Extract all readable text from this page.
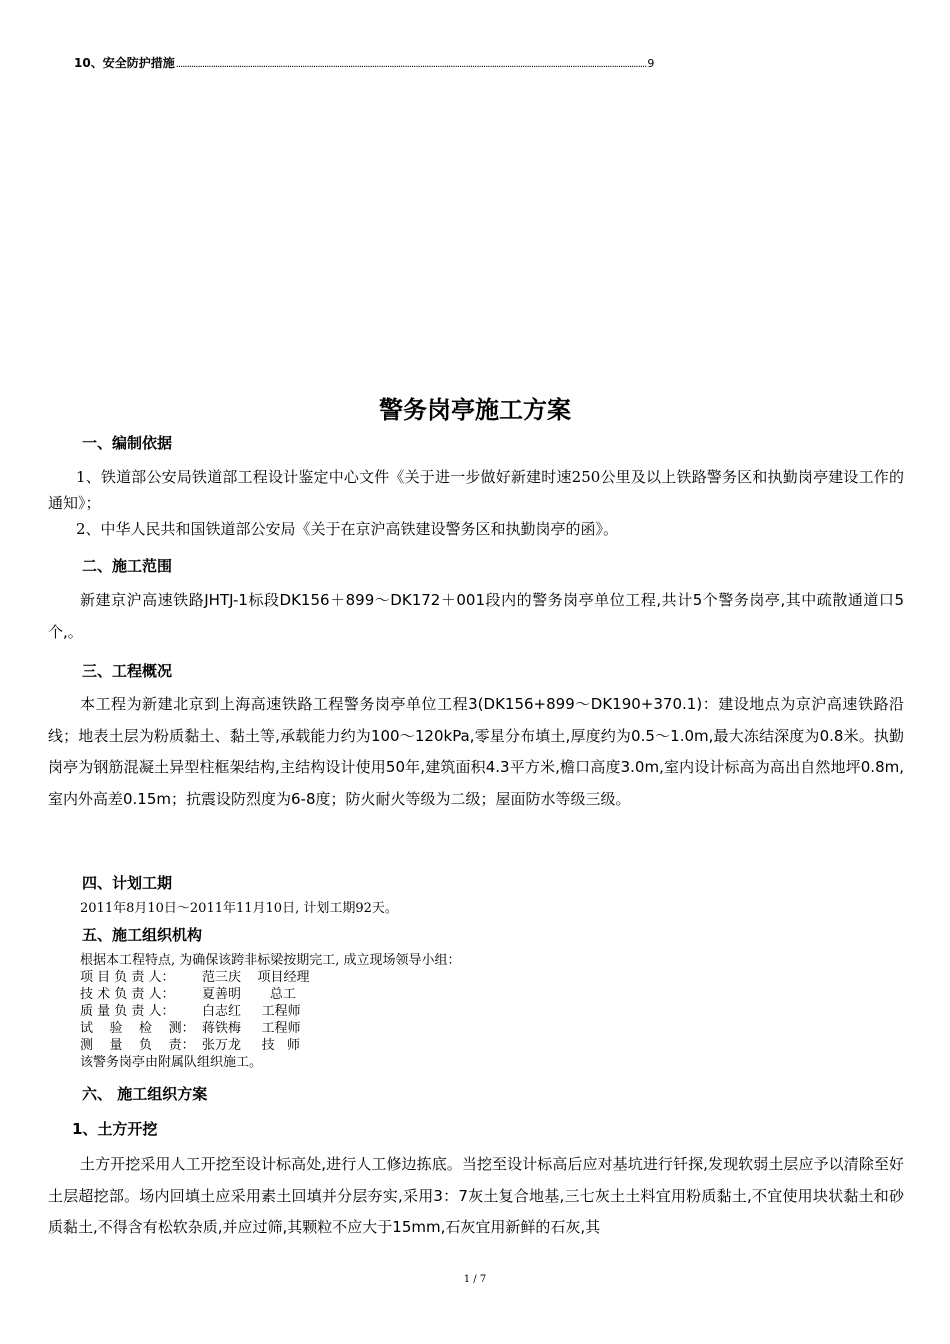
10、安全防护措施 ........................................................................................................................................................................................................................ 9
警务岗亭施工方案
一、编制依据
1、铁道部公安局铁道部工程设计鉴定中心文件《关于进一步做好新建时速250公里及以上铁路警务区和执勤岗亭建设工作的通知》；
2、中华人民共和国铁道部公安局《关于在京沪高铁建设警务区和执勤岗亭的函》。
二、施工范围
新建京沪高速铁路JHTJ-1标段DK156＋899～DK172＋001段内的警务岗亭单位工程,共计5个警务岗亭,其中疏散通道口5个,。
三、工程概况
本工程为新建北京到上海高速铁路工程警务岗亭单位工程3(DK156+899～DK190+370.1)：建设地点为京沪高速铁路沿线；地表土层为粉质黏土、黏土等,承载能力约为100～120kPa,零星分布填土,厚度约为0.5～1.0m,最大冻结深度为0.8米。执勤岗亭为钢筋混凝土异型柱框架结构,主结构设计使用50年,建筑面积4.3平方米,檐口高度3.0m,室内设计标高为高出自然地坪0.8m,室内外高差0.15m；抗震设防烈度为6-8度；防火耐火等级为二级；屋面防水等级三级。
四、计划工期
2011年8月10日～2011年11月10日, 计划工期92天。
五、施工组织机构
根据本工程特点, 为确保该跨非标梁按期完工, 成立现场领导小组：
项 目 负 责 人：	范三庆    项目经理
技 术 负 责 人：	夏善明       总工
质 量 负 责 人：	白志红     工程师
试    验    检    测： 蒋铁梅     工程师
测    量    负    责： 张万龙     技   师
该警务岗亭由附属队组织施工。
六、 施工组织方案
1、土方开挖
土方开挖采用人工开挖至设计标高处,进行人工修边拣底。当挖至设计标高后应对基坑进行钎探,发现软弱土层应予以清除至好土层超挖部。场内回填土应采用素土回填并分层夯实,采用3：7灰土复合地基,三七灰土土料宜用粉质黏土,不宜使用块状黏土和砂质黏土,不得含有松软杂质,并应过筛,其颗粒不应大于15mm,石灰宜用新鲜的石灰,其
1 / 7
